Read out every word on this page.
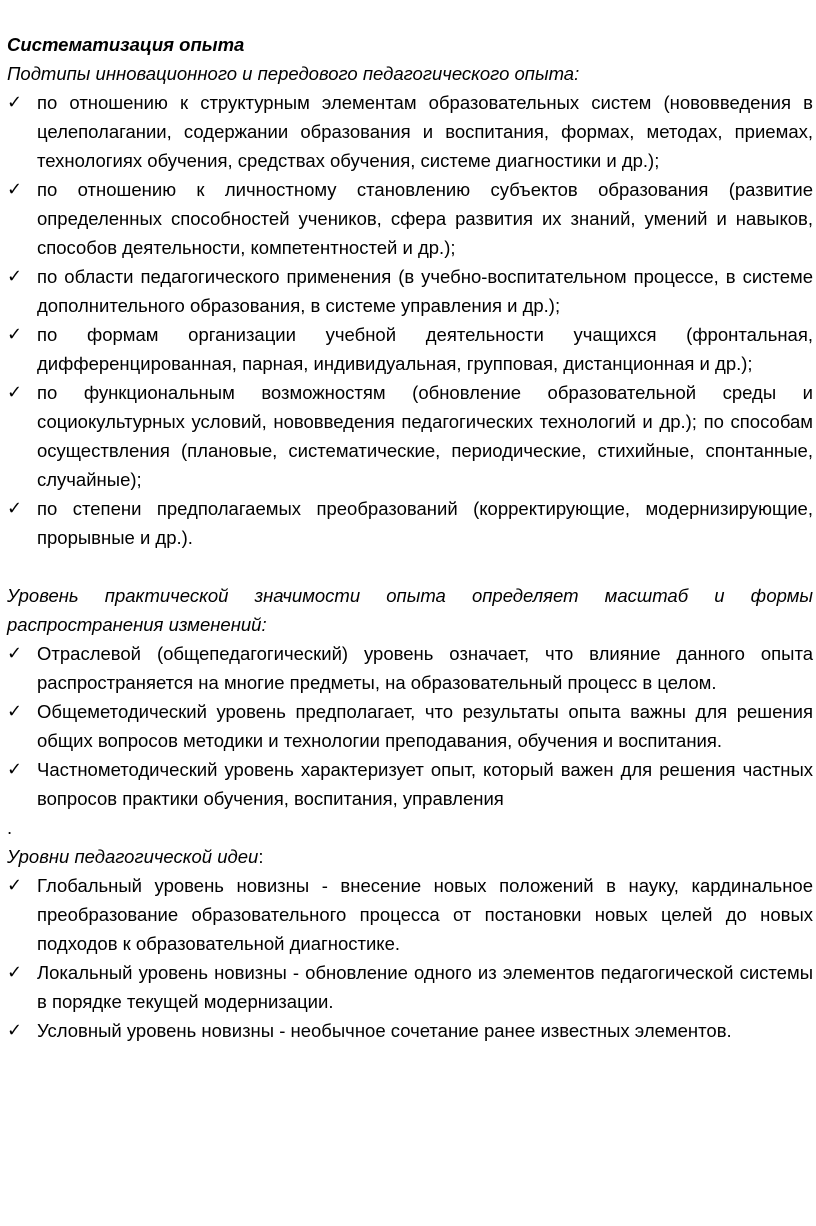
Систематизация опыта
Подтипы инновационного и передового педагогического опыта:
✓ по отношению к структурным элементам образовательных систем (нововведения в целеполагании, содержании образования и воспитания, формах, методах, приемах, технологиях обучения, средствах обучения, системе диагностики и др.);
✓ по отношению к личностному становлению субъектов образования (развитие определенных способностей учеников, сфера развития их знаний, умений и навыков, способов деятельности, компетентностей и др.);
✓ по области педагогического применения (в учебно-воспитательном процессе, в системе дополнительного образования, в системе управления и др.);
✓ по формам организации учебной деятельности учащихся (фронтальная, дифференцированная, парная, индивидуальная, групповая, дистанционная и др.);
✓ по функциональным возможностям (обновление образовательной среды и социокультурных условий, нововведения педагогических технологий и др.); по способам осуществления (плановые, систематические, периодические, стихийные, спонтанные, случайные);
✓ по степени предполагаемых преобразований (корректирующие, модернизирующие, прорывные и др.).
Уровень практической значимости опыта определяет масштаб и формы распространения изменений:
✓ Отраслевой (общепедагогический) уровень означает, что влияние данного опыта распространяется на многие предметы, на образовательный процесс в целом.
✓ Общеметодический уровень предполагает, что результаты опыта важны для решения общих вопросов методики и технологии преподавания, обучения и воспитания.
✓ Частнометодический уровень характеризует опыт, который важен для решения частных вопросов практики обучения, воспитания, управления
.
Уровни педагогической идеи:
✓ Глобальный уровень новизны - внесение новых положений в науку, кардинальное преобразование образовательного процесса от постановки новых целей до новых подходов к образовательной диагностике.
✓ Локальный уровень новизны - обновление одного из элементов педагогической системы в порядке текущей модернизации.
✓ Условный уровень новизны - необычное сочетание ранее известных элементов.
